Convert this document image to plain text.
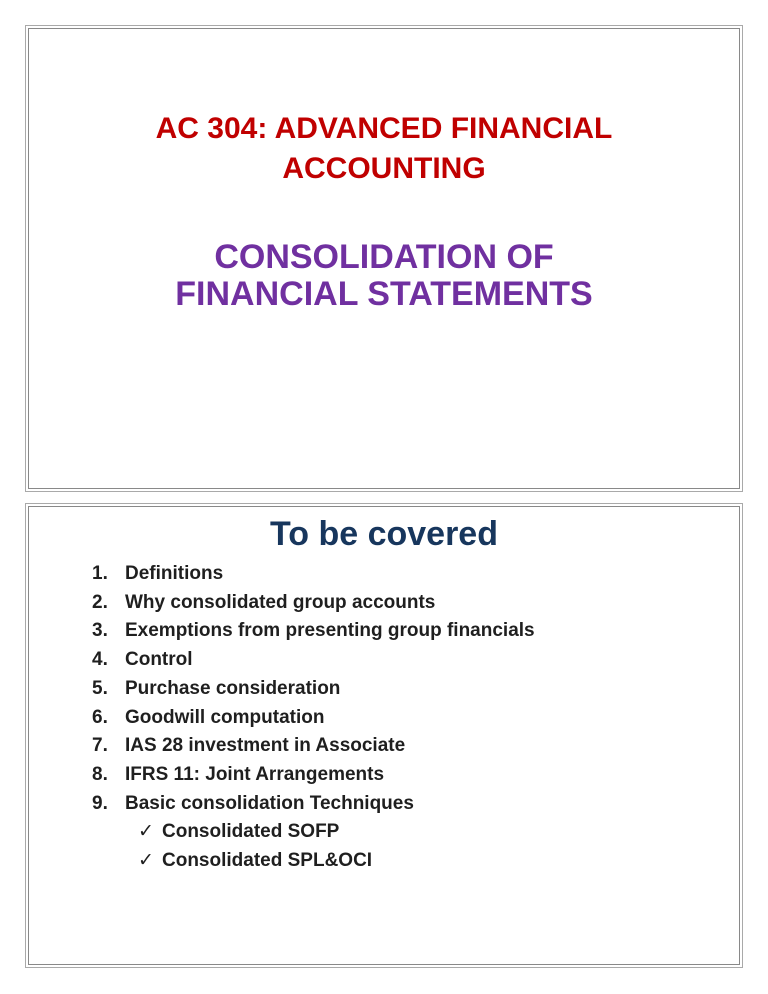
AC 304: ADVANCED FINANCIAL
ACCOUNTING
CONSOLIDATION OF
FINANCIAL STATEMENTS
To be covered
1. Definitions
2. Why consolidated group accounts
3. Exemptions from presenting group financials
4. Control
5. Purchase consideration
6. Goodwill computation
7. IAS 28 investment in Associate
8. IFRS 11: Joint Arrangements
9. Basic consolidation Techniques
✓ Consolidated SOFP
✓ Consolidated SPL&OCI
